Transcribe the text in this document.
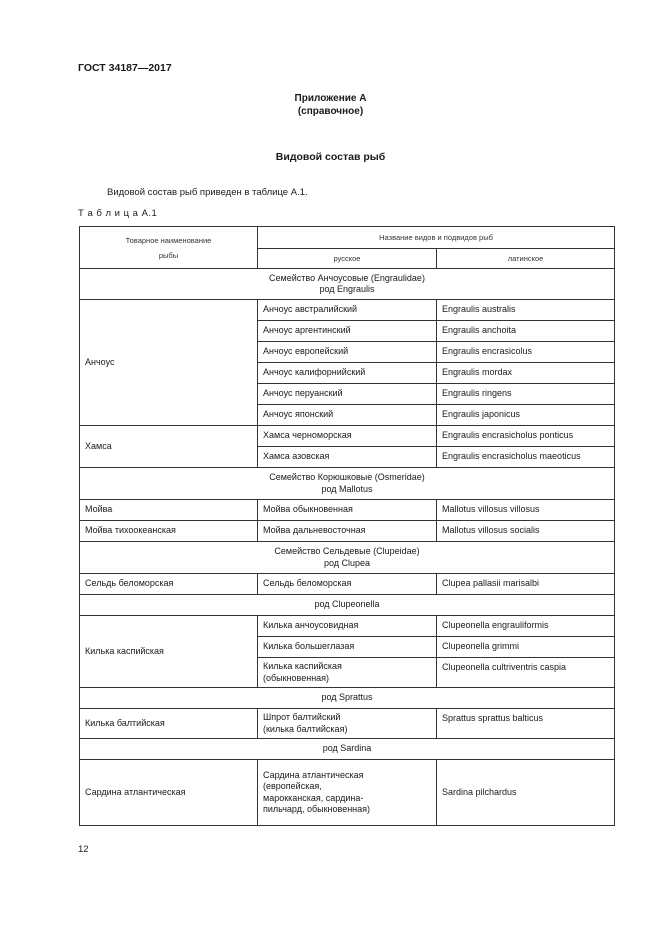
ГОСТ 34187—2017
Приложение А
(справочное)
Видовой состав рыб
Видовой состав рыб приведен в таблице А.1.
Т а б л и ц а А.1
Товарное наименование рыбы	Название видов и подвидов рыб	
	русское	латинское

Семейство Анчоусовые (Engraulidae)
род Engraulis		

Анчоус	Анчоус австралийский	Engraulis australis
	Анчоус аргентинский	Engraulis anchoita
	Анчоус европейский	Engraulis encrasicolus
	Анчоус калифорнийский	Engraulis mordax
	Анчоус перуанский	Engraulis ringens
	Анчоус японский	Engraulis japonicus
Хамса	Хамса черноморская	Engraulis encrasicholus ponticus
	Хамса азовская	Engraulis encrasicholus maeoticus

Семейство Корюшковые (Osmeridae)
род Mallotus		

Мойва	Мойва обыкновенная	Mallotus villosus villosus
Мойва тихоокеанская	Мойва дальневосточная	Mallotus villosus socialis

Семейство Сельдевые (Clupeidae)
род Clupea		

Сельдь беломорская	Сельдь беломорская	Clupea pallasii marisalbi
род Clupeonella		
Килька каспийская	Килька анчоусовидная	Clupeonella engrauliformis
	Килька большеглазая	Clupeonella grimmi

	Килька каспийская (обыкновенная)	Clupeonella cultriventris caspia
род Sprattus		
Килька балтийская	Шпрот балтийский (килька балтийская)	Sprattus sprattus balticus
род Sardina		
Сардина атлантическая	Сардина атлантическая (европейская, марокканская, сардина-пильчард, обыкновенная)	Sardina pilchardus
12
